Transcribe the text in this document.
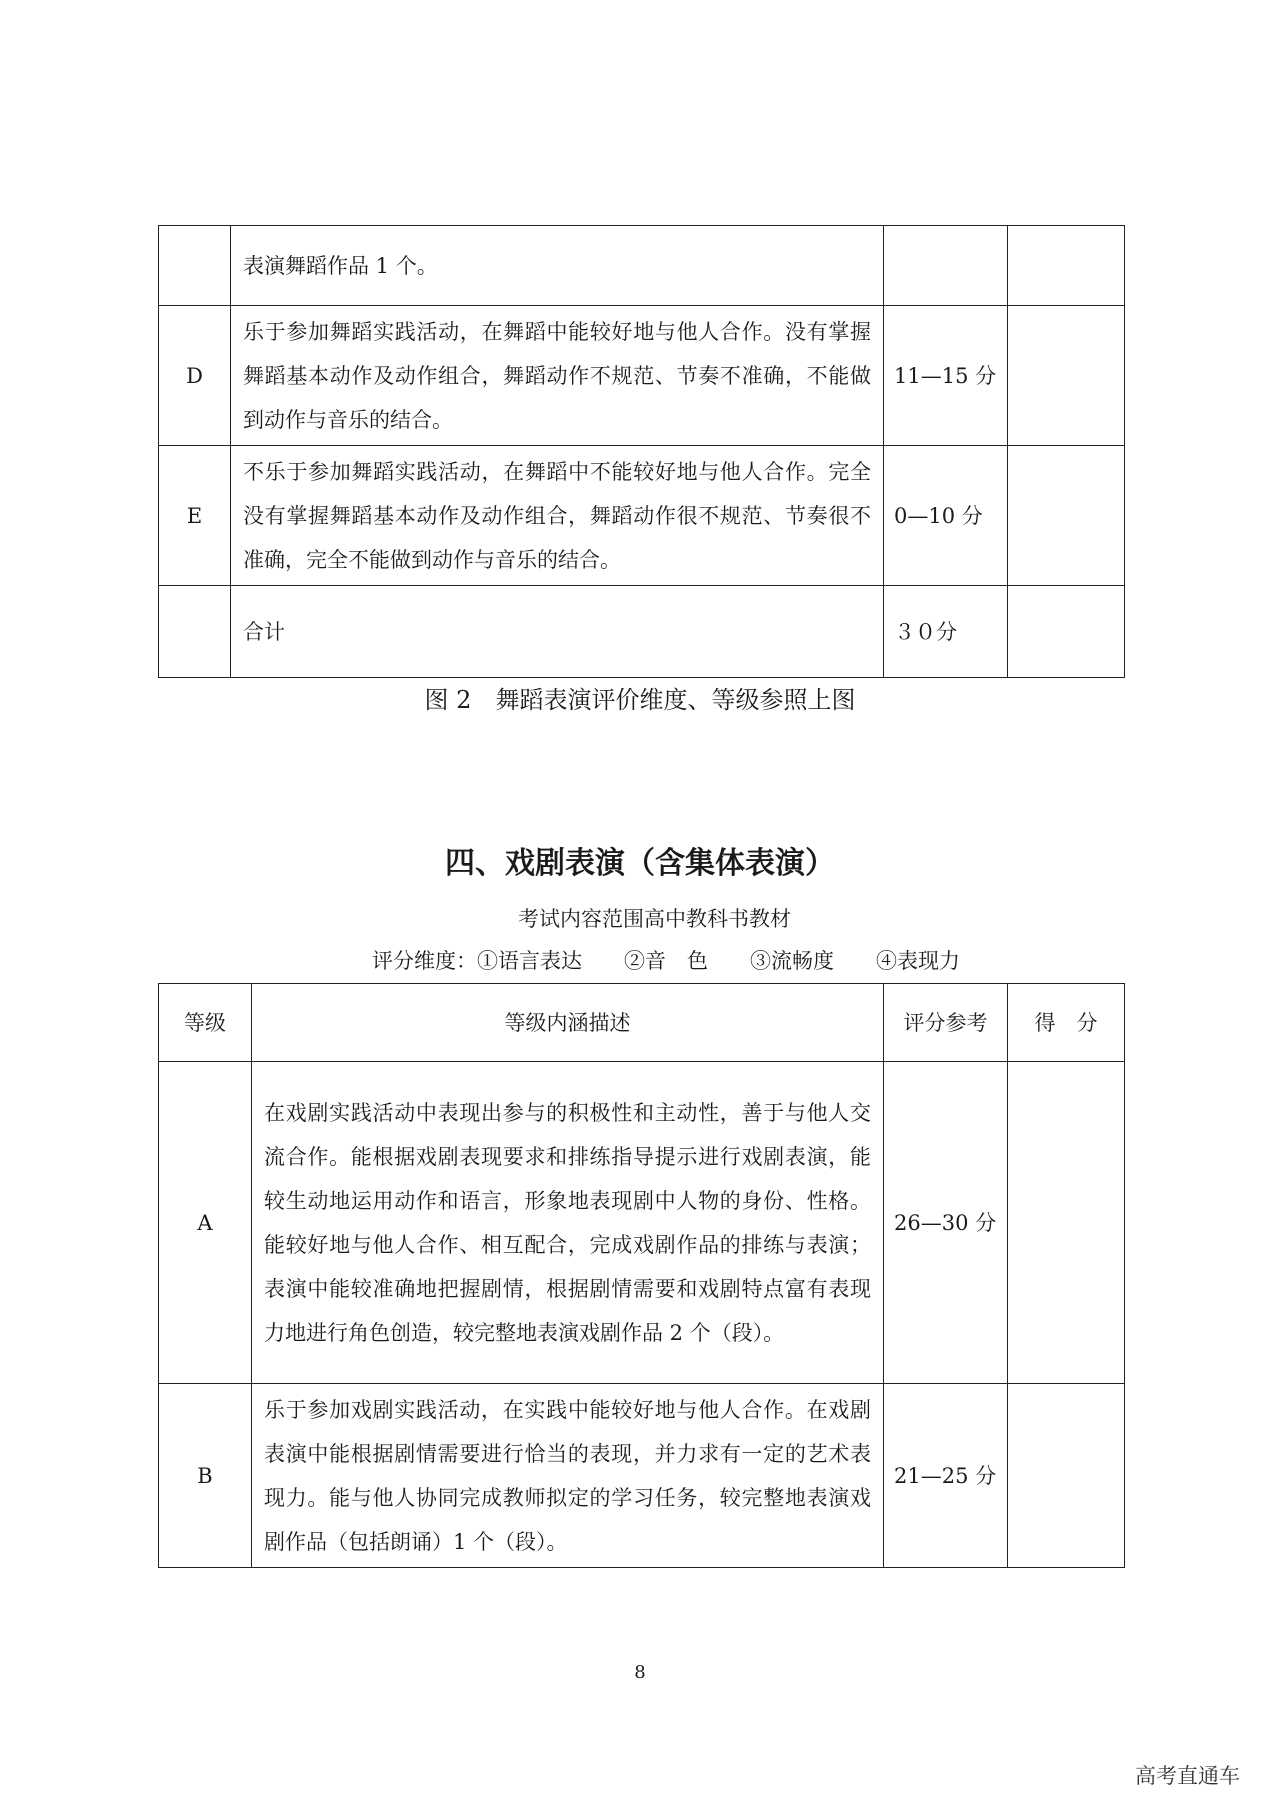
	表演舞蹈作品 1 个。		
D	乐于参加舞蹈实践活动，在舞蹈中能较好地与他人合作。没有掌握舞蹈基本动作及动作组合，舞蹈动作不规范、节奏不准确，不能做到动作与音乐的结合。	11—15 分	
E	不乐于参加舞蹈实践活动，在舞蹈中不能较好地与他人合作。完全没有掌握舞蹈基本动作及动作组合，舞蹈动作很不规范、节奏很不准确，完全不能做到动作与音乐的结合。	0—10 分	
	合计	３０分	
图 2　舞蹈表演评价维度、等级参照上图
四、戏剧表演（含集体表演）
考试内容范围高中教科书教材
评分维度：①语言表达　　②音　色　　③流畅度　　④表现力
等级	等级内涵描述	评分参考	得　分
A	在戏剧实践活动中表现出参与的积极性和主动性，善于与他人交流合作。能根据戏剧表现要求和排练指导提示进行戏剧表演，能较生动地运用动作和语言，形象地表现剧中人物的身份、性格。能较好地与他人合作、相互配合，完成戏剧作品的排练与表演；表演中能较准确地把握剧情，根据剧情需要和戏剧特点富有表现力地进行角色创造，较完整地表演戏剧作品 2 个（段）。	26—30 分	
B	乐于参加戏剧实践活动，在实践中能较好地与他人合作。在戏剧表演中能根据剧情需要进行恰当的表现，并力求有一定的艺术表现力。能与他人协同完成教师拟定的学习任务，较完整地表演戏剧作品（包括朗诵）1 个（段）。	21—25 分	
8
高考直通车
